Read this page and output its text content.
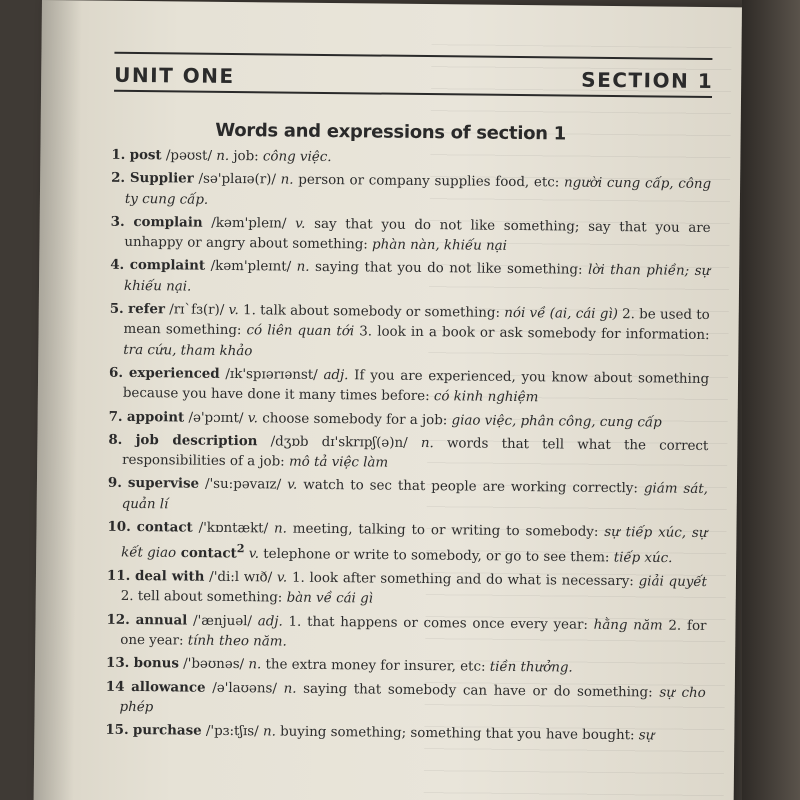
UNIT ONE	SECTION 1
Words and expressions of section 1
1. post /pəʊst/ n. job: công việc.
2. Supplier /sə'plaɪə(r)/ n. person or company supplies food, etc: người cung cấp, công ty cung cấp.
3. complain /kəm'pleɪn/ v. say that you do not like something; say that you are unhappy or angry about something: phàn nàn, khiếu nại
4. complaint /kəm'pleɪnt/ n. saying that you do not like something: lời than phiền; sự khiếu nại.
5. refer /rɪ`fɜ(r)/ v. 1. talk about somebody or something: nói về (ai, cái gì) 2. be used to mean something: có liên quan tới 3. look in a book or ask somebody for information: tra cứu, tham khảo
6. experienced /ɪk'spɪərɪənst/ adj. If you are experienced, you know about something because you have done it many times before: có kinh nghiệm
7. appoint /ə'pɔɪnt/ v. choose somebody for a job: giao việc, phân công, cung cấp
8. job description /dʒɒb dɪ'skrɪpʃ(ə)n/ n. words that tell what the correct responsibilities of a job: mô tả việc làm
9. supervise /'su:pəvaɪz/ v. watch to sec that people are working correctly: giám sát, quản lí
10. contact /'kɒntækt/ n. meeting, talking to or writing to somebody: sự tiếp xúc, sự kết giao contact$^2$ v. telephone or write to somebody, or go to see them: tiếp xúc.
11. deal with /'di:l wɪð/ v. 1. look after something and do what is necessary: giải quyết 2. tell about something: bàn về cái gì
12. annual /'ænjuəl/ adj. 1. that happens or comes once every year: hằng năm 2. for one year: tính theo năm.
13. bonus /'bəʊnəs/ n. the extra money for insurer, etc: tiền thưởng.
14 allowance /ə'laʊəns/ n. saying that somebody can have or do something: sự cho phép
15. purchase /'pɜ:tʃɪs/ n. buying something; something that you have bought: sự
